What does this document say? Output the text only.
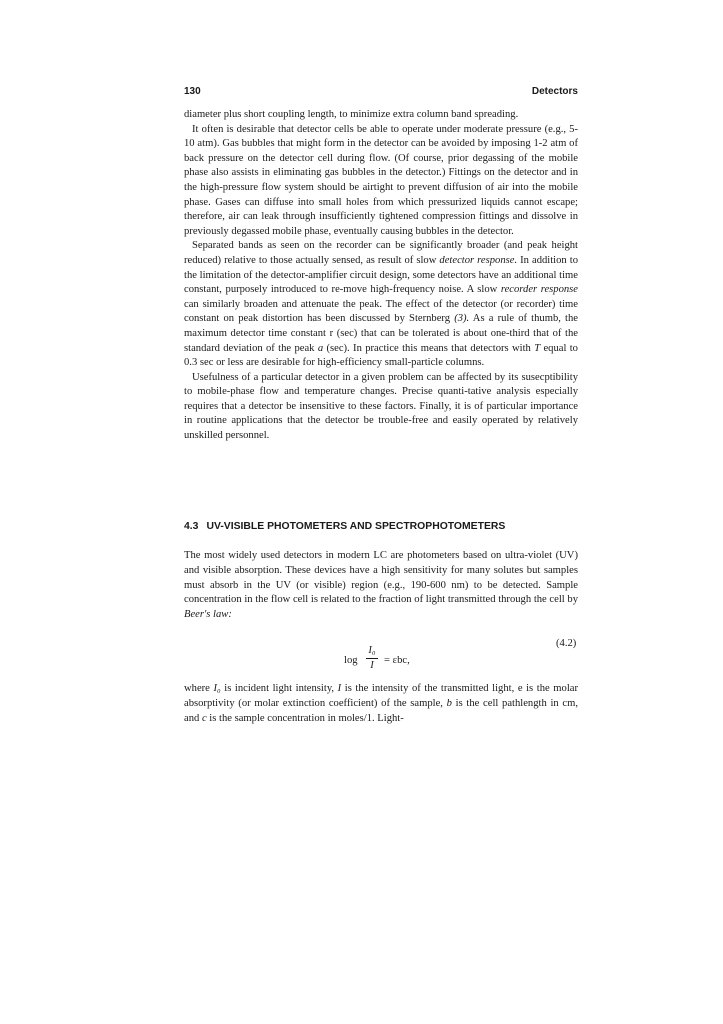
130	Detectors

diameter plus short coupling length, to minimize extra column band spreading.

It often is desirable that detector cells be able to operate under moderate pressure (e.g., 5-10 atm). Gas bubbles that might form in the detector can be avoided by imposing 1-2 atm of back pressure on the detector cell during flow. (Of course, prior degassing of the mobile phase also assists in eliminating gas bubbles in the detector.) Fittings on the detector and in the high-pressure flow system should be airtight to prevent diffusion of air into the mobile phase. Gases can diffuse into small holes from which pressurized liquids cannot escape; therefore, air can leak through insufficiently tightened compression fittings and dissolve in previously degassed mobile phase, eventually causing bubbles in the detector.

Separated bands as seen on the recorder can be significantly broader (and peak height reduced) relative to those actually sensed, as result of slow detector response. In addition to the limitation of the detector-amplifier circuit design, some detectors have an additional time constant, purposely introduced to re-move high-frequency noise. A slow recorder response can similarly broaden and attenuate the peak. The effect of the detector (or recorder) time constant on peak distortion has been discussed by Sternberg (3). As a rule of thumb, the maximum detector time constant r (sec) that can be tolerated is about one-third that of the standard deviation of the peak a (sec). In practice this means that detectors with T equal to 0.3 sec or less are desirable for high-efficiency small-particle columns.

Usefulness of a particular detector in a given problem can be affected by its susecptibility to mobile-phase flow and temperature changes. Precise quanti-tative analysis especially requires that a detector be insensitive to these factors. Finally, it is of particular importance in routine applications that the detector be trouble-free and easily operated by relatively unskilled personnel.

4.3 UV-VISIBLE PHOTOMETERS AND SPECTROPHOTOMETERS
The most widely used detectors in modern LC are photometers based on ultra-violet (UV) and visible absorption. These devices have a high sensitivity for many solutes but samples must absorb in the UV (or visible) region (e.g., 190-600 nm) to be detected. Sample concentration in the flow cell is related to the fraction of light transmitted through the cell by Beer's law:
(4.2)
log
I₀
I = εbc,
where I₀ is incident light intensity, I is the intensity of the transmitted light, e is the molar absorptivity (or molar extinction coefficient) of the sample, b is the cell pathlength in cm, and c is the sample concentration in moles/1. Light-
